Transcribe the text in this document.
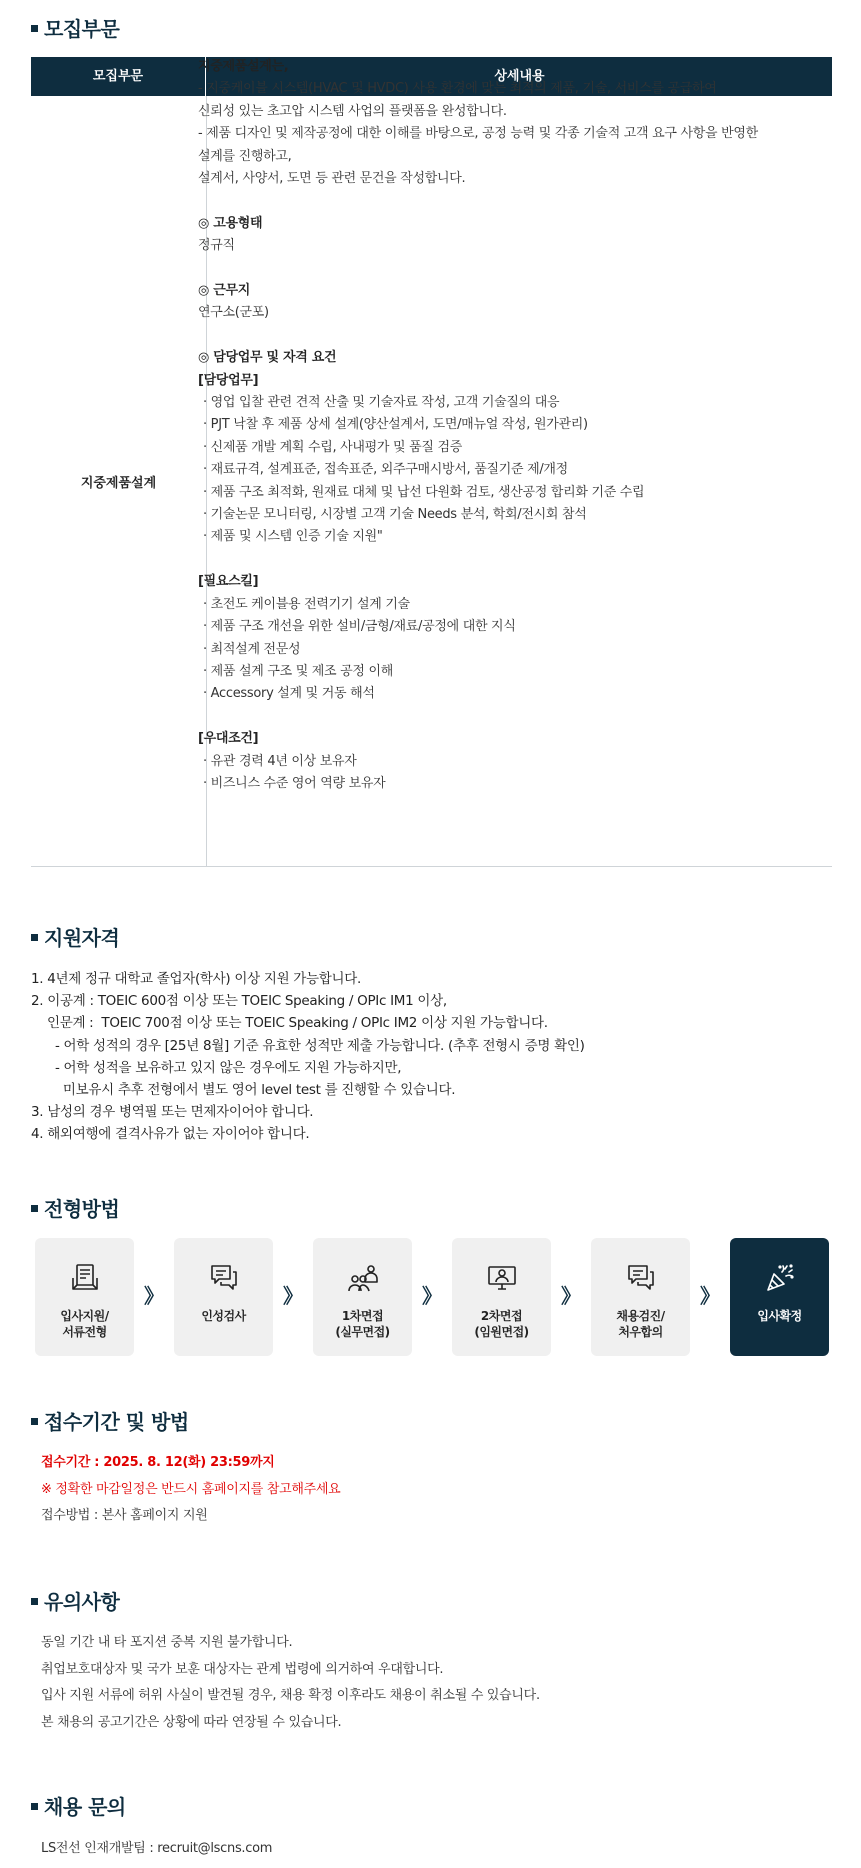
모집부문
모집부문	상세내용
지중제품설계
지중제품설계는,
- 지중케이블 시스템(HVAC 및 HVDC) 사용 환경에 맞는 최적의 제품, 기술, 서비스를 공급하여
신뢰성 있는 초고압 시스템 사업의 플랫폼을 완성합니다.
- 제품 디자인 및 제작공정에 대한 이해를 바탕으로, 공정 능력 및 각종 기술적 고객 요구 사항을 반영한
설계를 진행하고,
설계서, 사양서, 도면 등 관련 문건을 작성합니다.
◎ 고용형태
정규직
◎ 근무지
연구소(군포)
◎ 담당업무 및 자격 요건
[담당업무]
· 영업 입찰 관련 견적 산출 및 기술자료 작성, 고객 기술질의 대응
· PJT 낙찰 후 제품 상세 설계(양산설계서, 도면/매뉴얼 작성, 원가관리)
· 신제품 개발 계획 수립, 사내평가 및 품질 검증
· 재료규격, 설계표준, 접속표준, 외주구매시방서, 품질기준 제/개정
· 제품 구조 최적화, 원재료 대체 및 납선 다원화 검토, 생산공정 합리화 기준 수립
· 기술논문 모니터링, 시장별 고객 기술 Needs 분석, 학회/전시회 참석
· 제품 및 시스템 인증 기술 지원"
[필요스킬]
· 초전도 케이블용 전력기기 설계 기술
· 제품 구조 개선을 위한 설비/금형/재료/공정에 대한 지식
· 최적설계 전문성
· 제품 설계 구조 및 제조 공정 이해
· Accessory 설계 및 거동 해석
[우대조건]
· 유관 경력 4년 이상 보유자
· 비즈니스 수준 영어 역량 보유자
지원자격
1. 4년제 정규 대학교 졸업자(학사) 이상 지원 가능합니다.
2. 이공계 : TOEIC 600점 이상 또는 TOEIC Speaking / OPIc IM1 이상,
인문계 :  TOEIC 700점 이상 또는 TOEIC Speaking / OPIc IM2 이상 지원 가능합니다.
- 어학 성적의 경우 [25년 8월] 기준 유효한 성적만 제출 가능합니다. (추후 전형시 증명 확인)
- 어학 성적을 보유하고 있지 않은 경우에도 지원 가능하지만,
미보유시 추후 전형에서 별도 영어 level test 를 진행할 수 있습니다.
3. 남성의 경우 병역필 또는 면제자이어야 합니다.
4. 해외여행에 결격사유가 없는 자이어야 합니다.
전형방법
입사지원/
서류전형
》
인성검사
》
1차면접
(실무면접)
》
2차면접
(임원면접)
》
채용검진/
처우합의
》
입사확정
접수기간 및 방법
접수기간 : 2025. 8. 12(화) 23:59까지
※ 정확한 마감일정은 반드시 홈페이지를 참고해주세요
접수방법 : 본사 홈페이지 지원
유의사항
동일 기간 내 타 포지션 중복 지원 불가합니다.
취업보호대상자 및 국가 보훈 대상자는 관계 법령에 의거하여 우대합니다.
입사 지원 서류에 허위 사실이 발견될 경우, 채용 확정 이후라도 채용이 취소될 수 있습니다.
본 채용의 공고기간은 상황에 따라 연장될 수 있습니다.
채용 문의
LS전선 인재개발팀 : recruit@lscns.com
